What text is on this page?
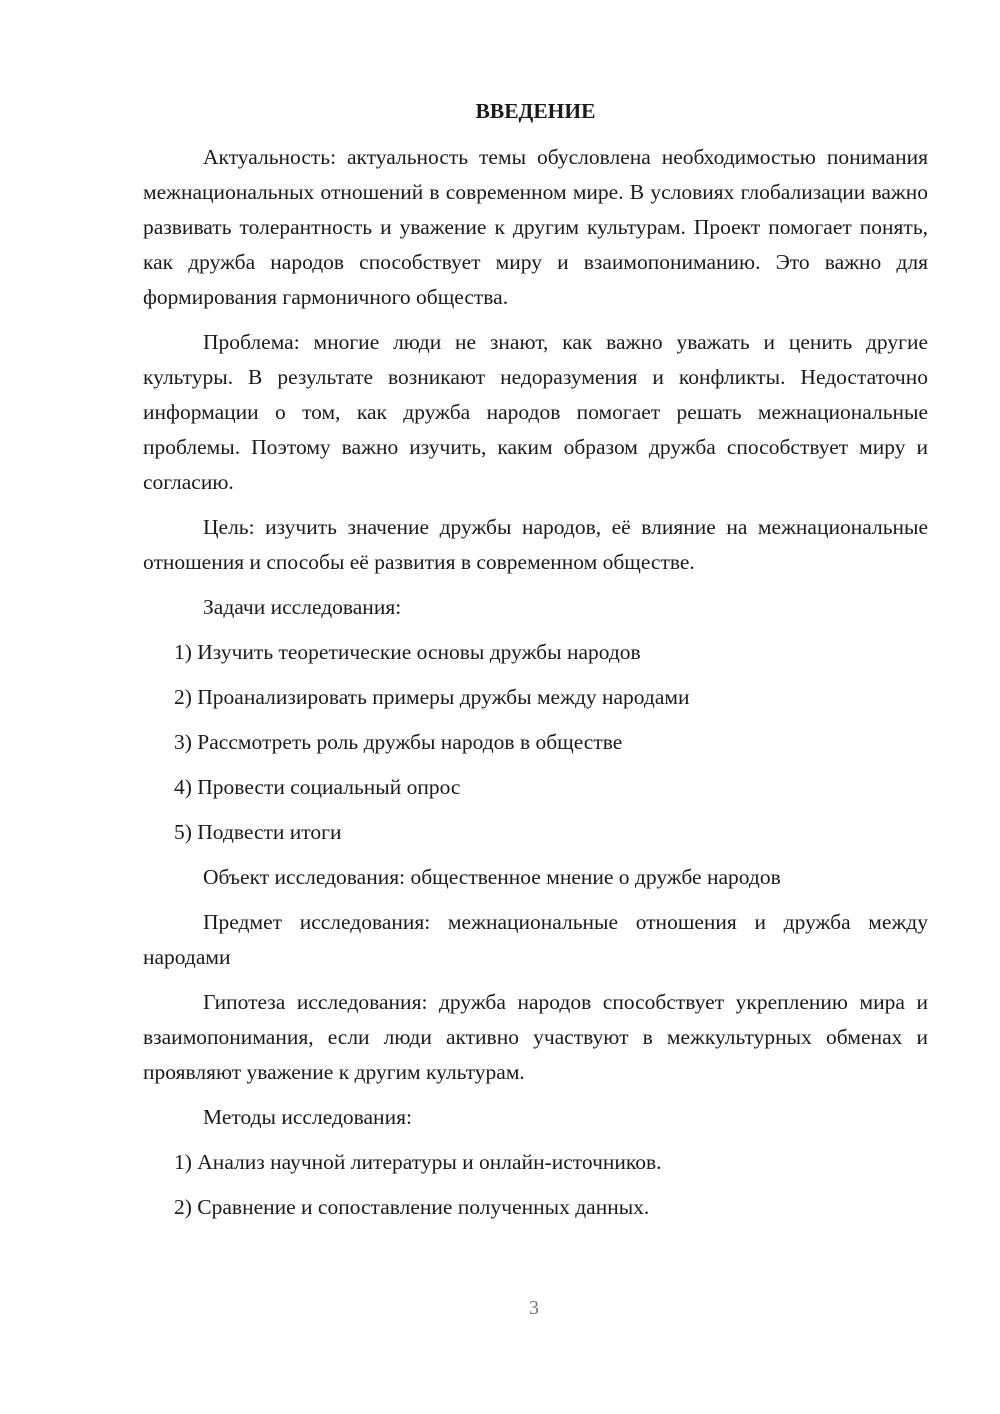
ВВЕДЕНИЕ

Актуальность: актуальность темы обусловлена необходимостью понимания межнациональных отношений в современном мире. В условиях глобализации важно развивать толерантность и уважение к другим культурам. Проект помогает понять, как дружба народов способствует миру и взаимопониманию. Это важно для формирования гармоничного общества.

Проблема: многие люди не знают, как важно уважать и ценить другие культуры. В результате возникают недоразумения и конфликты. Недостаточно информации о том, как дружба народов помогает решать межнациональные проблемы. Поэтому важно изучить, каким образом дружба способствует миру и согласию.

Цель: изучить значение дружбы народов, её влияние на межнациональные отношения и способы её развития в современном обществе.

Задачи исследования:

1) Изучить теоретические основы дружбы народов
2) Проанализировать примеры дружбы между народами
3) Рассмотреть роль дружбы народов в обществе
4) Провести социальный опрос
5) Подвести итоги

Объект исследования: общественное мнение о дружбе народов

Предмет исследования: межнациональные отношения и дружба между народами

Гипотеза исследования: дружба народов способствует укреплению мира и взаимопонимания, если люди активно участвуют в межкультурных обменах и проявляют уважение к другим культурам.

Методы исследования:

1) Анализ научной литературы и онлайн-источников.
2) Сравнение и сопоставление полученных данных.
3
